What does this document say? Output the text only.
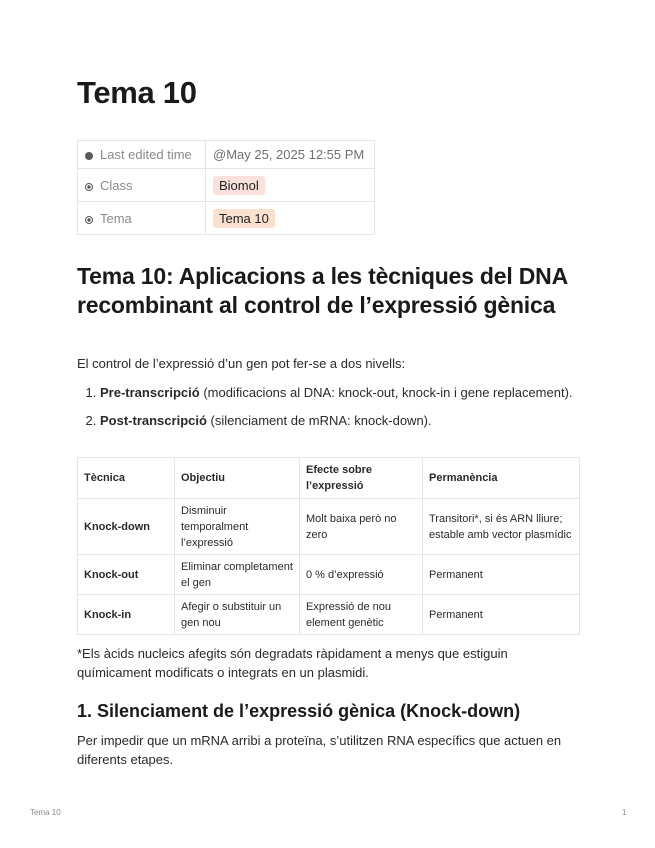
Tema 10
Last edited time	@May 25, 2025 12:55 PM
Class	Biomol
Tema	Tema 10
Tema 10: Aplicacions a les tècniques del DNA recombinant al control de l’expressió gènica

El control de l’expressió d’un gen pot fer-se a dos nivells:

1. Pre-transcripció (modificacions al DNA: knock-out, knock-in i gene replacement).
2. Post-transcripció (silenciament de mRNA: knock-down).
Tècnica	Objectiu	Efecte sobre l’expressió	Permanència
Knock-down	Disminuir temporalment l’expressió	Molt baixa però no zero	Transitori*, si és ARN lliure; estable amb vector plasmídic
Knock-out	Eliminar completament el gen	0 % d’expressió	Permanent
Knock-in	Afegir o substituir un gen nou	Expressió de nou element genètic	Permanent

*Els àcids nucleics afegits són degradats ràpidament a menys que estiguin químicament modificats o integrats en un plasmidi.

1. Silenciament de l’expressió gènica (Knock-down)

Per impedir que un mRNA arribi a proteïna, s’utilitzen RNA específics que actuen en diferents etapes.

Tema 10	1
